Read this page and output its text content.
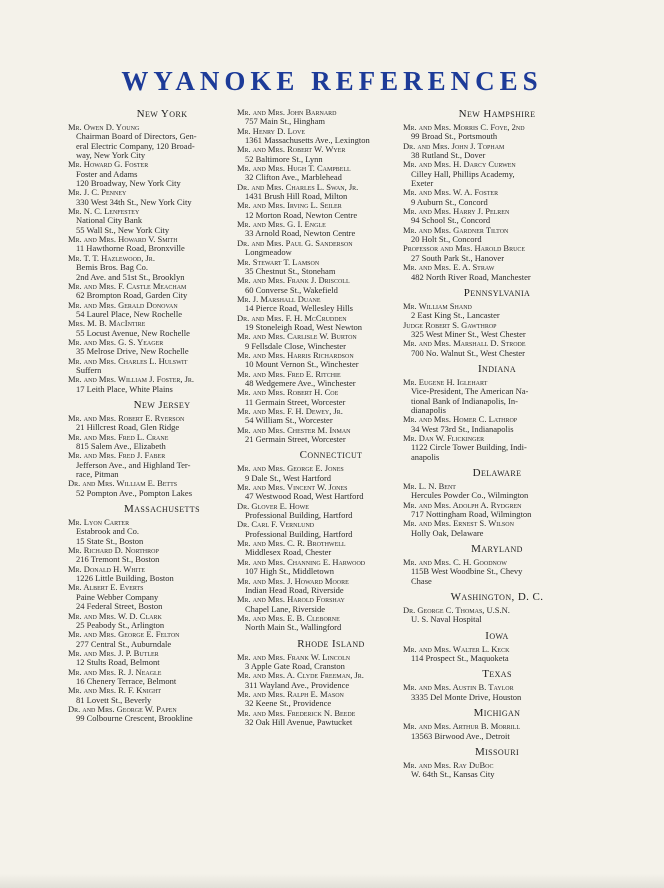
WYANOKE REFERENCES
New York
Mr. Owen D. Young
Chairman Board of Directors, Gen-
eral Electric Company, 120 Broad-
way, New York City
Mr. Howard G. Foster
Foster and Adams
120 Broadway, New York City
Mr. J. C. Penney
330 West 34th St., New York City
Mr. N. C. Lenfestey
National City Bank
55 Wall St., New York City
Mr. and Mrs. Howard V. Smith
11 Hawthorne Road, Bronxville
Mr. T. T. Hazlewood, Jr.
Bemis Bros. Bag Co.
2nd Ave. and 51st St., Brooklyn
Mr. and Mrs. F. Castle Meacham
62 Brompton Road, Garden City
Mr. and Mrs. Gerald Donovan
54 Laurel Place, New Rochelle
Mrs. M. B. MacIntire
55 Locust Avenue, New Rochelle
Mr. and Mrs. G. S. Yeager
35 Melrose Drive, New Rochelle
Mr. and Mrs. Charles L. Hulswit
Suffern
Mr. and Mrs. William J. Foster, Jr.
17 Leith Place, White Plains
New Jersey
Mr. and Mrs. Robert E. Ryerson
21 Hillcrest Road, Glen Ridge
Mr. and Mrs. Fred L. Crane
815 Salem Ave., Elizabeth
Mr. and Mrs. Fred J. Faber
Jefferson Ave., and Highland Ter-
race, Pitman
Dr. and Mrs. William E. Betts
52 Pompton Ave., Pompton Lakes
Massachusetts
Mr. Lyon Carter
Estabrook and Co.
15 State St., Boston
Mr. Richard D. Northrop
216 Tremont St., Boston
Mr. Donald H. White
1226 Little Building, Boston
Mr. Albert E. Everts
Paine Webber Company
24 Federal Street, Boston
Mr. and Mrs. W. D. Clark
25 Peabody St., Arlington
Mr. and Mrs. George E. Felton
277 Central St., Auburndale
Mr. and Mrs. J. P. Butler
12 Stults Road, Belmont
Mr. and Mrs. R. J. Neagle
16 Chenery Terrace, Belmont
Mr. and Mrs. R. F. Knight
81 Lovett St., Beverly
Dr. and Mrs. George W. Papen
99 Colbourne Crescent, Brookline
Mr. and Mrs. John Barnard
757 Main St., Hingham
Mr. Henry D. Love
1361 Massachusetts Ave., Lexington
Mr. and Mrs. Robert W. Wyer
52 Baltimore St., Lynn
Mr. and Mrs. Hugh T. Campbell
32 Clifton Ave., Marblehead
Dr. and Mrs. Charles L. Swan, Jr.
1431 Brush Hill Road, Milton
Mr. and Mrs. Irving L. Seiler
12 Morton Road, Newton Centre
Mr. and Mrs. G. I. Engle
33 Arnold Road, Newton Centre
Dr. and Mrs. Paul G. Sanderson
Longmeadow
Mr. Stewart T. Lamson
35 Chestnut St., Stoneham
Mr. and Mrs. Frank J. Driscoll
60 Converse St., Wakefield
Mr. J. Marshall Duane
14 Pierce Road, Wellesley Hills
Dr. and Mrs. F. H. McCrudden
19 Stoneleigh Road, West Newton
Mr. and Mrs. Carlisle W. Burton
9 Fellsdale Close, Winchester
Mr. and Mrs. Harris Richardson
10 Mount Vernon St., Winchester
Mr. and Mrs. Fred E. Ritchie
48 Wedgemere Ave., Winchester
Mr. and Mrs. Robert H. Coe
11 Germain Street, Worcester
Mr. and Mrs. F. H. Dewey, Jr.
54 William St., Worcester
Mr. and Mrs. Chester M. Inman
21 Germain Street, Worcester
Connecticut
Mr. and Mrs. George E. Jones
9 Dale St., West Hartford
Mr. and Mrs. Vincent W. Jones
47 Westwood Road, West Hartford
Dr. Glover E. Howe
Professional Building, Hartford
Dr. Carl F. Vernlund
Professional Building, Hartford
Mr. and Mrs. C. R. Brothwell
Middlesex Road, Chester
Mr. and Mrs. Channing E. Harwood
107 High St., Middletown
Mr. and Mrs. J. Howard Moore
Indian Head Road, Riverside
Mr. and Mrs. Harold Forshay
Chapel Lane, Riverside
Mr. and Mrs. E. B. Cleborne
North Main St., Wallingford
Rhode Island
Mr. and Mrs. Frank W. Lincoln
3 Apple Gate Road, Cranston
Mr. and Mrs. A. Clyde Freeman, Jr.
311 Wayland Ave., Providence
Mr. and Mrs. Ralph E. Mason
32 Keene St., Providence
Mr. and Mrs. Frederick N. Beede
32 Oak Hill Avenue, Pawtucket
New Hampshire
Mr. and Mrs. Morris C. Foye, 2nd
99 Broad St., Portsmouth
Dr. and Mrs. John J. Topham
38 Rutland St., Dover
Mr. and Mrs. H. Darcy Curwen
Cilley Hall, Phillips Academy,
Exeter
Mr. and Mrs. W. A. Foster
9 Auburn St., Concord
Mr. and Mrs. Harry J. Pelren
94 School St., Concord
Mr. and Mrs. Gardner Tilton
20 Holt St., Concord
Professor and Mrs. Harold Bruce
27 South Park St., Hanover
Mr. and Mrs. E. A. Straw
482 North River Road, Manchester
Pennsylvania
Mr. William Shand
2 East King St., Lancaster
Judge Robert S. Gawthrop
325 West Miner St., West Chester
Mr. and Mrs. Marshall D. Strode
700 No. Walnut St., West Chester
Indiana
Mr. Eugene H. Iglehart
Vice-President, The American Na-
tional Bank of Indianapolis, In-
dianapolis
Mr. and Mrs. Homer C. Lathrop
34 West 73rd St., Indianapolis
Mr. Dan W. Flickinger
1122 Circle Tower Building, Indi-
anapolis
Delaware
Mr. L. N. Bent
Hercules Powder Co., Wilmington
Mr. and Mrs. Adolph A. Rydgren
717 Nottingham Road, Wilmington
Mr. and Mrs. Ernest S. Wilson
Holly Oak, Delaware
Maryland
Mr. and Mrs. C. H. Goodnow
115B West Woodbine St., Chevy
Chase
Washington, D. C.
Dr. George C. Thomas, U.S.N.
U. S. Naval Hospital
Iowa
Mr. and Mrs. Walter L. Keck
114 Prospect St., Maquoketa
Texas
Mr. and Mrs. Austin B. Taylor
3335 Del Monte Drive, Houston
Michigan
Mr. and Mrs. Arthur B. Morrill
13563 Birwood Ave., Detroit
Missouri
Mr. and Mrs. Ray DuBoc
W. 64th St., Kansas City
